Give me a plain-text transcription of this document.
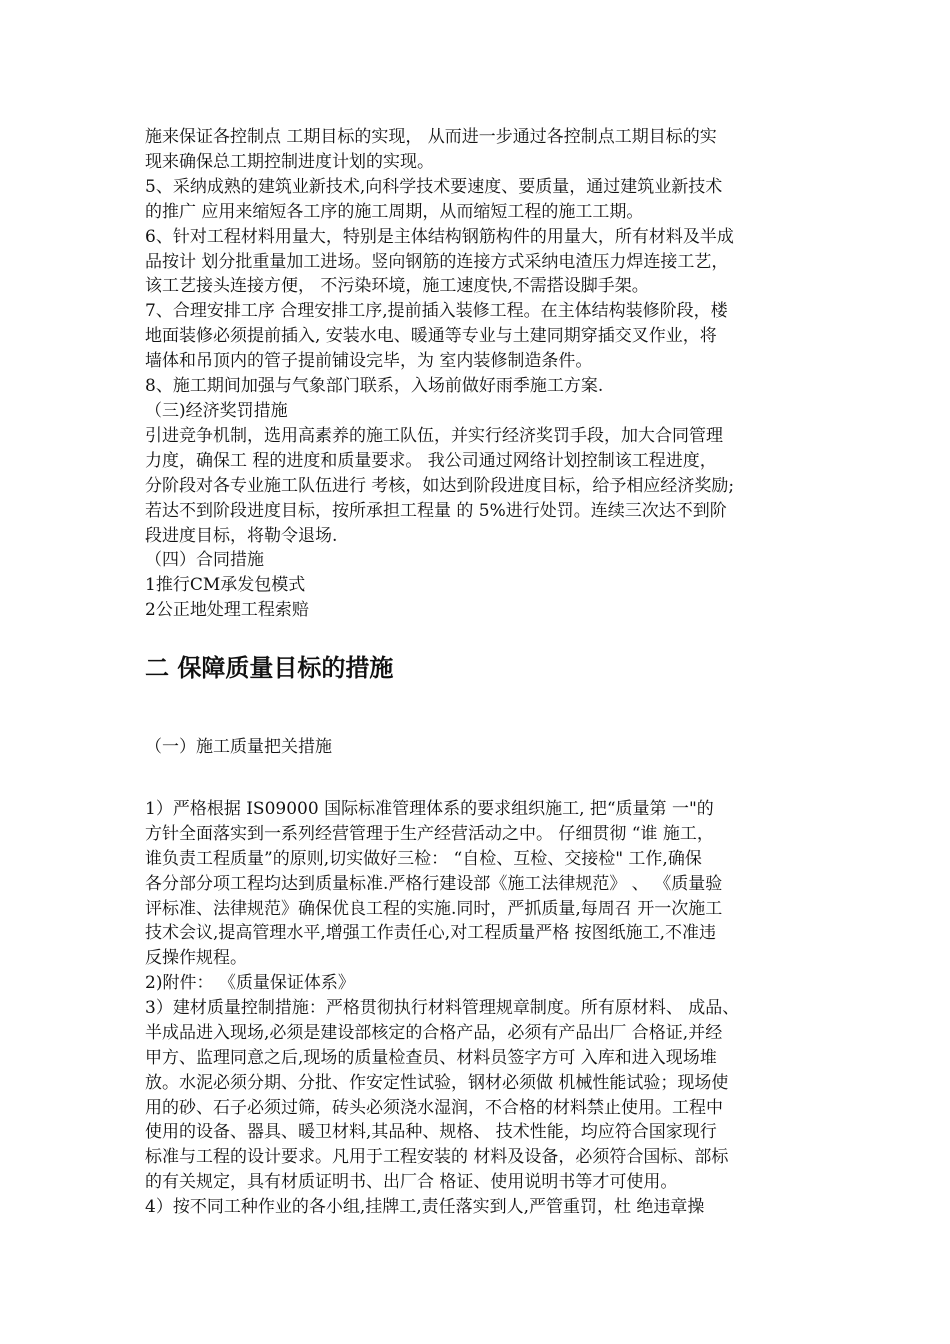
施来保证各控制点 工期目标的实现， 从而进一步通过各控制点工期目标的实
现来确保总工期控制进度计划的实现。
5、采纳成熟的建筑业新技术,向科学技术要速度、要质量，通过建筑业新技术
的推广 应用来缩短各工序的施工周期，从而缩短工程的施工工期。
6、针对工程材料用量大，特别是主体结构钢筋构件的用量大，所有材料及半成
品按计 划分批重量加工进场。竖向钢筋的连接方式采纳电渣压力焊连接工艺，
该工艺接头连接方便， 不污染环境，施工速度快,不需搭设脚手架。
7、合理安排工序 合理安排工序,提前插入装修工程。在主体结构装修阶段，楼
地面装修必须提前插入, 安装水电、暖通等专业与土建同期穿插交叉作业，将
墙体和吊顶内的管子提前铺设完毕，为 室内装修制造条件。
8、施工期间加强与气象部门联系，入场前做好雨季施工方案.
（三)经济奖罚措施
引进竞争机制，选用高素养的施工队伍，并实行经济奖罚手段，加大合同管理
力度，确保工 程的进度和质量要求。 我公司通过网络计划控制该工程进度，
分阶段对各专业施工队伍进行 考核，如达到阶段进度目标，给予相应经济奖励;
若达不到阶段进度目标，按所承担工程量 的 5%进行处罚。连续三次达不到阶
段进度目标，将勒令退场.
（四）合同措施
1推行CM承发包模式
2公正地处理工程索赔
二 保障质量目标的措施
（一）施工质量把关措施
1）严格根据 IS09000 国际标准管理体系的要求组织施工, 把“质量第 一"的
方针全面落实到一系列经营管理于生产经营活动之中。 仔细贯彻 “谁 施工，
谁负责工程质量”的原则,切实做好三检： “自检、互检、交接检" 工作,确保
各分部分项工程均达到质量标准.严格行建设部《施工法律规范》 、 《质量验
评标准、法律规范》确保优良工程的实施.同时，严抓质量,每周召 开一次施工
技术会议,提高管理水平,增强工作责任心,对工程质量严格 按图纸施工,不准违
反操作规程。
2)附件： 《质量保证体系》
3）建材质量控制措施：严格贯彻执行材料管理规章制度。所有原材料、 成品、
半成品进入现场,必须是建设部核定的合格产品，必须有产品出厂 合格证,并经
甲方、监理同意之后,现场的质量检查员、材料员签字方可 入库和进入现场堆
放。水泥必须分期、分批、作安定性试验，钢材必须做 机械性能试验；现场使
用的砂、石子必须过筛，砖头必须浇水湿润，不合格的材料禁止使用。工程中
使用的设备、器具、暖卫材料,其品种、规格、 技术性能，均应符合国家现行
标准与工程的设计要求。凡用于工程安装的 材料及设备，必须符合国标、部标
的有关规定，具有材质证明书、出厂合 格证、使用说明书等才可使用。
4）按不同工种作业的各小组,挂牌工,责任落实到人,严管重罚，杜 绝违章操
